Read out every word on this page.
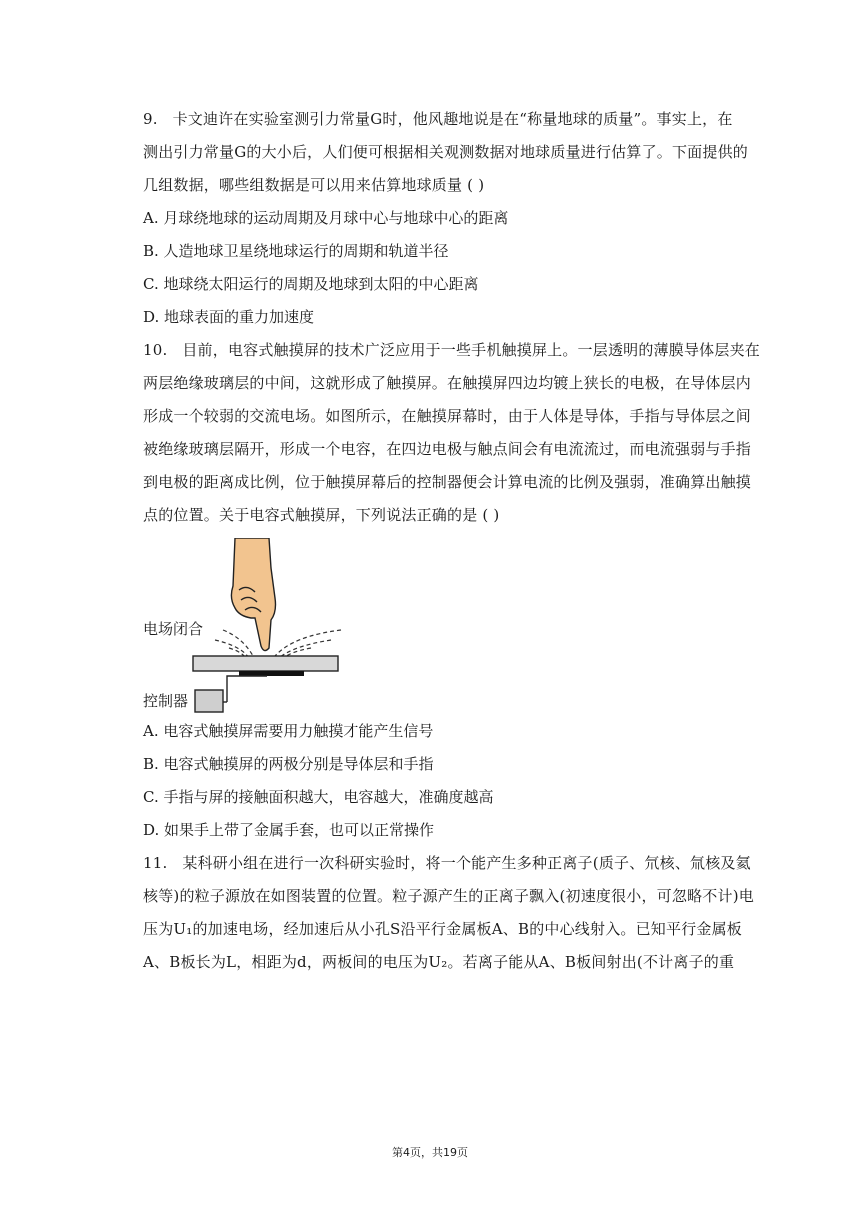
9.   卡文迪许在实验室测引力常量G时，他风趣地说是在“称量地球的质量”。事实上，在
测出引力常量G的大小后，人们便可根据相关观测数据对地球质量进行估算了。下面提供的
几组数据，哪些组数据是可以用来估算地球质量 ( )
A. 月球绕地球的运动周期及月球中心与地球中心的距离
B. 人造地球卫星绕地球运行的周期和轨道半径
C. 地球绕太阳运行的周期及地球到太阳的中心距离
D. 地球表面的重力加速度
10.   目前，电容式触摸屏的技术广泛应用于一些手机触摸屏上。一层透明的薄膜导体层夹在
两层绝缘玻璃层的中间，这就形成了触摸屏。在触摸屏四边均镀上狭长的电极，在导体层内
形成一个较弱的交流电场。如图所示，在触摸屏幕时，由于人体是导体，手指与导体层之间
被绝缘玻璃层隔开，形成一个电容，在四边电极与触点间会有电流流过，而电流强弱与手指
到电极的距离成比例，位于触摸屏幕后的控制器便会计算电流的比例及强弱，准确算出触摸
点的位置。关于电容式触摸屏，下列说法正确的是 ( )
电场闭合
控制器
A. 电容式触摸屏需要用力触摸才能产生信号
B. 电容式触摸屏的两极分别是导体层和手指
C. 手指与屏的接触面积越大，电容越大，准确度越高
D. 如果手上带了金属手套，也可以正常操作
11.   某科研小组在进行一次科研实验时，将一个能产生多种正离子(质子、氘核、氚核及氦
核等)的粒子源放在如图装置的位置。粒子源产生的正离子飘入(初速度很小，可忽略不计)电
压为U₁的加速电场，经加速后从小孔S沿平行金属板A、B的中心线射入。已知平行金属板
A、B板长为L，相距为d，两板间的电压为U₂。若离子能从A、B板间射出(不计离子的重
第4页，共19页
